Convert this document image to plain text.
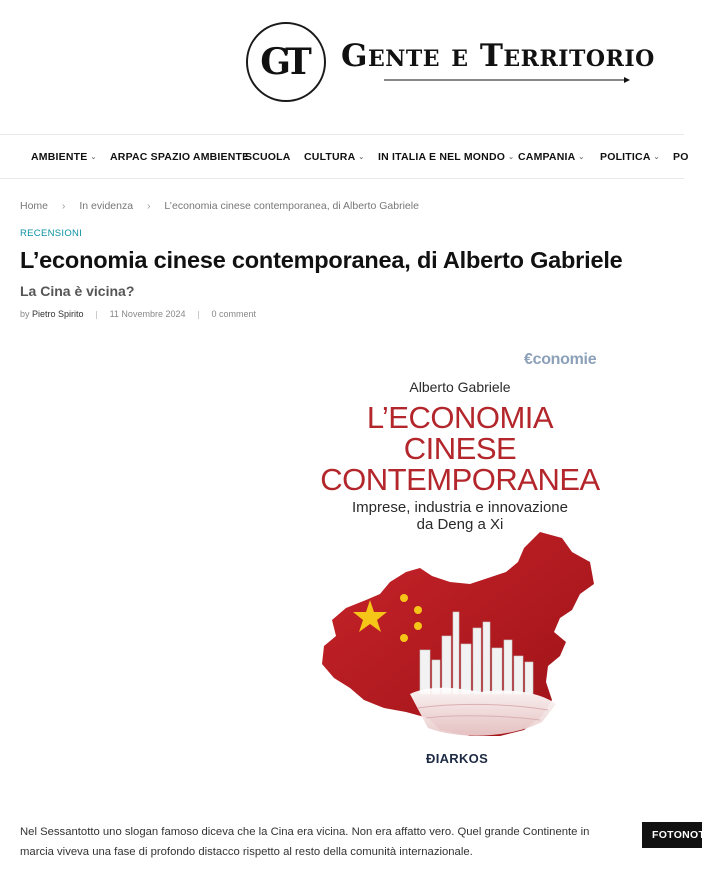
GT Gente e Territorio
AMBIENTE ⌄ ARPAC SPAZIO AMBIENTE
SCUOLA CULTURA ⌄ IN ITALIA E NEL MONDO ⌄ CAMPANIA ⌄ POLITICA ⌄ PO
Home › In evidenza › L’economia cinese contemporanea, di Alberto Gabriele
RECENSIONI
L’economia cinese contemporanea, di Alberto Gabriele
La Cina è vicina?
by Pietro Spirito	11 Novembre 2024	0 comment
€conomie
Alberto Gabriele
L’ECONOMIA
CINESE
CONTEMPORANEA
Imprese, industria e innovazione
da Deng a Xi
ÐIARKOS

Nel Sessantotto uno slogan famoso diceva che la Cina era vicina. Non era affatto vero. Quel grande Continente in marcia viveva una fase di profondo distacco rispetto al resto della comunità internazionale.

FOTONOTIZIE
